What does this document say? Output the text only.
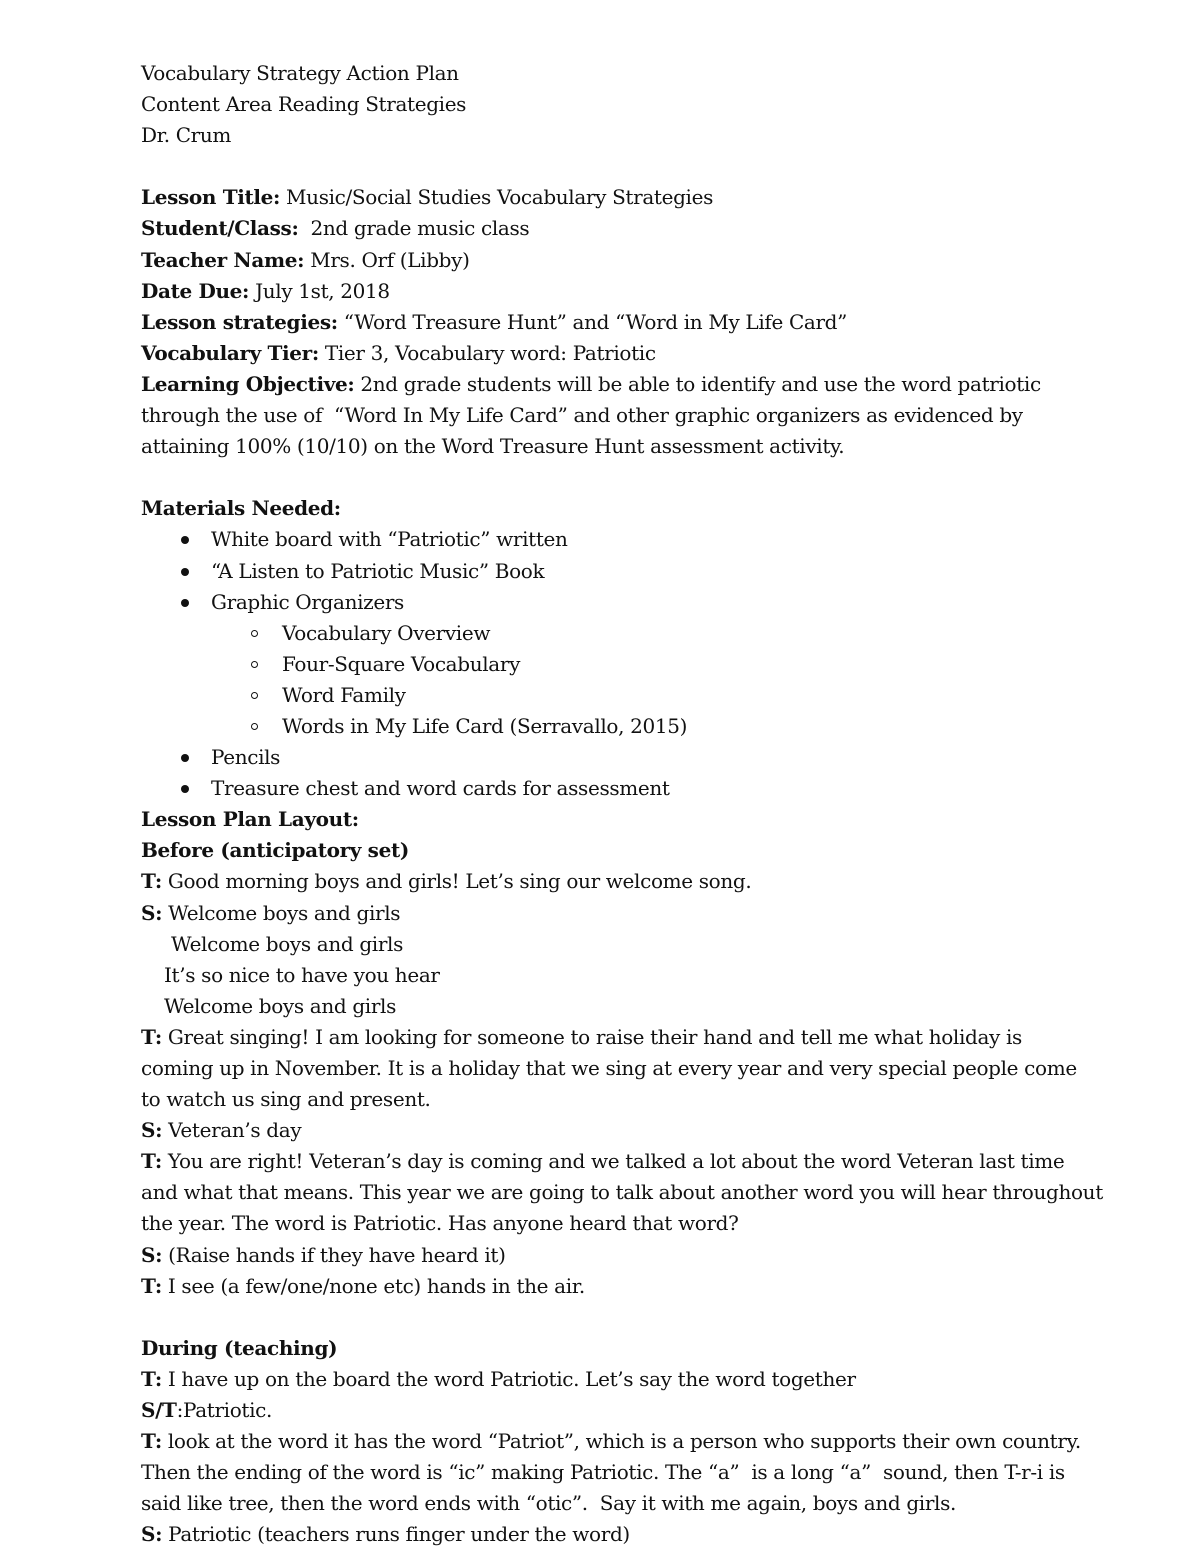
Vocabulary Strategy Action Plan
Content Area Reading Strategies
Dr. Crum
Lesson Title: Music/Social Studies Vocabulary Strategies
Student/Class:  2nd grade music class
Teacher Name: Mrs. Orf (Libby)
Date Due: July 1st, 2018
Lesson strategies: “Word Treasure Hunt” and “Word in My Life Card”
Vocabulary Tier: Tier 3, Vocabulary word: Patriotic
Learning Objective: 2nd grade students will be able to identify and use the word patriotic
through the use of  “Word In My Life Card” and other graphic organizers as evidenced by
attaining 100% (10/10) on the Word Treasure Hunt assessment activity.
Materials Needed:
White board with “Patriotic” written
“A Listen to Patriotic Music” Book
Graphic Organizers
Vocabulary Overview
Four-Square Vocabulary
Word Family
Words in My Life Card (Serravallo, 2015)
Pencils
Treasure chest and word cards for assessment
Lesson Plan Layout:
Before (anticipatory set)
T: Good morning boys and girls! Let’s sing our welcome song.
S: Welcome boys and girls
Welcome boys and girls
It’s so nice to have you hear
Welcome boys and girls
T: Great singing! I am looking for someone to raise their hand and tell me what holiday is
coming up in November. It is a holiday that we sing at every year and very special people come
to watch us sing and present.
S: Veteran’s day
T: You are right! Veteran’s day is coming and we talked a lot about the word Veteran last time
and what that means. This year we are going to talk about another word you will hear throughout
the year. The word is Patriotic. Has anyone heard that word?
S: (Raise hands if they have heard it)
T: I see (a few/one/none etc) hands in the air.
During (teaching)
T: I have up on the board the word Patriotic. Let’s say the word together
S/T:Patriotic.
T: look at the word it has the word “Patriot”, which is a person who supports their own country.
Then the ending of the word is “ic” making Patriotic. The “a”  is a long “a”  sound, then T-r-i is
said like tree, then the word ends with “otic”.  Say it with me again, boys and girls.
S: Patriotic (teachers runs finger under the word)
